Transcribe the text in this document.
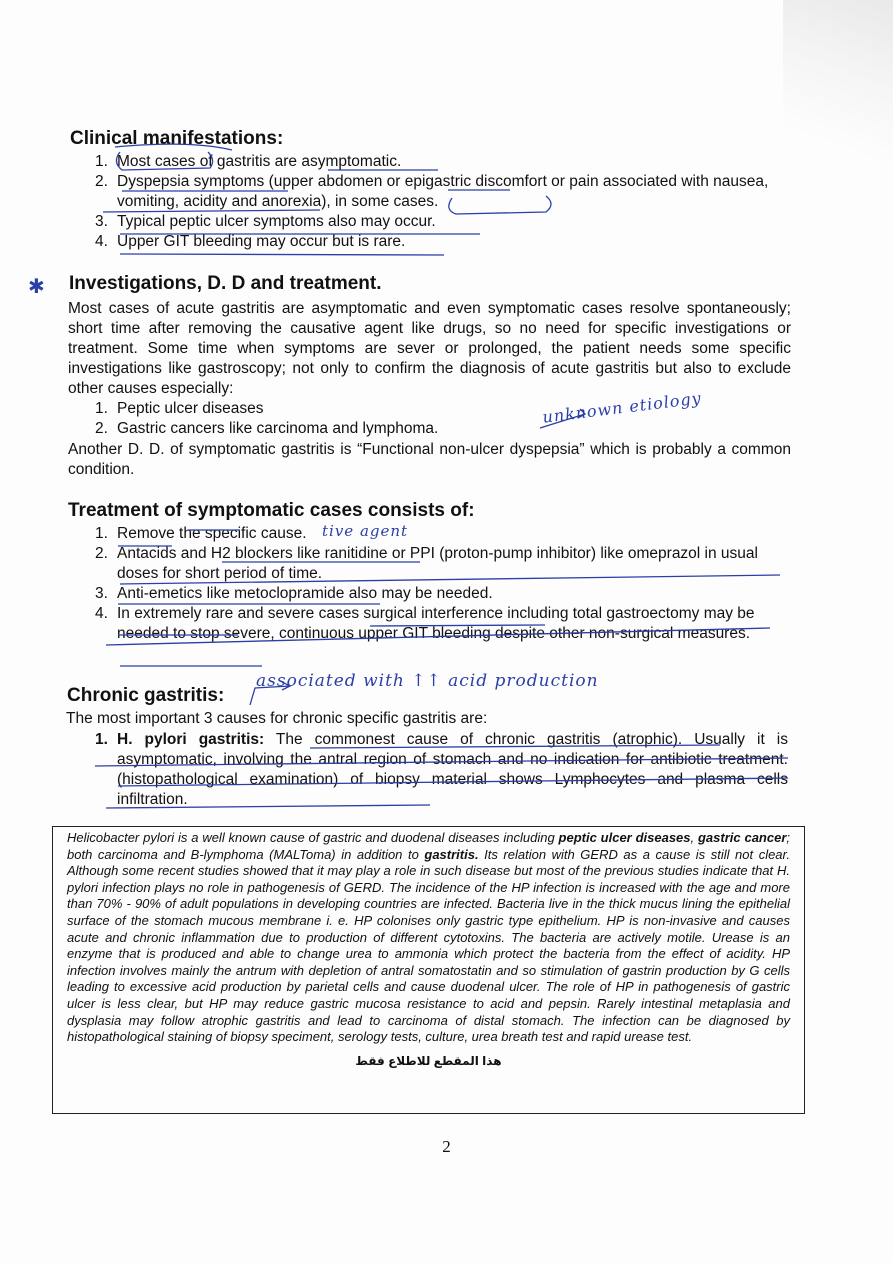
Clinical manifestations:
1. Most cases of gastritis are asymptomatic.
2. Dyspepsia symptoms (upper abdomen or epigastric discomfort or pain associated with nausea, vomiting, acidity and anorexia), in some cases.
3. Typical peptic ulcer symptoms also may occur.
4. Upper GIT bleeding may occur but is rare.
✱ Investigations, D. D and treatment.

Most cases of acute gastritis are asymptomatic and even symptomatic cases resolve spontaneously; short time after removing the causative agent like drugs, so no need for specific investigations or treatment. Some time when symptoms are sever or prolonged, the patient needs some specific investigations like gastroscopy; not only to confirm the diagnosis of acute gastritis but also to exclude other causes especially:

1. Peptic ulcer diseases
2. Gastric cancers like carcinoma and lymphoma.
unknown etiology

Another D. D. of symptomatic gastritis is “Functional non-ulcer dyspepsia” which is probably a common condition.

Treatment of symptomatic cases consists of:
1. Remove the specific cause.
2. Antacids and H2 blockers like ranitidine or PPI (proton-pump inhibitor) like omeprazol in usual doses for short period of time.
3. Anti-emetics like metoclopramide also may be needed.
4. In extremely rare and severe cases surgical interference including total gastroectomy may be needed to stop severe, continuous upper GIT bleeding despite other non-surgical measures.
tive agent
Chronic gastritis:
associated with ↑↑ acid production

The most important 3 causes for chronic specific gastritis are:

1. H. pylori gastritis: The commonest cause of chronic gastritis (atrophic). Usually it is asymptomatic, involving the antral region of stomach and no indication for antibiotic treatment. (histopathological examination) of biopsy material shows Lymphocytes and plasma cells infiltration.

Helicobacter pylori is a well known cause of gastric and duodenal diseases including peptic ulcer diseases, gastric cancer; both carcinoma and B-lymphoma (MALToma) in addition to gastritis. Its relation with GERD as a cause is still not clear. Although some recent studies showed that it may play a role in such disease but most of the previous studies indicate that H. pylori infection plays no role in pathogenesis of GERD. The incidence of the HP infection is increased with the age and more than 70% - 90% of adult populations in developing countries are infected. Bacteria live in the thick mucus lining the epithelial surface of the stomach mucous membrane i. e. HP colonises only gastric type epithelium. HP is non-invasive and causes acute and chronic inflammation due to production of different cytotoxins. The bacteria are actively motile. Urease is an enzyme that is produced and able to change urea to ammonia which protect the bacteria from the effect of acidity. HP infection involves mainly the antrum with depletion of antral somatostatin and so stimulation of gastrin production by G cells leading to excessive acid production by parietal cells and cause duodenal ulcer. The role of HP in pathogenesis of gastric ulcer is less clear, but HP may reduce gastric mucosa resistance to acid and pepsin. Rarely intestinal metaplasia and dysplasia may follow atrophic gastritis and lead to carcinoma of distal stomach. The infection can be diagnosed by histopathological staining of biopsy speciment, serology tests, culture, urea breath test and rapid urease test.

هذا المقطع للاطلاع فقط
2
